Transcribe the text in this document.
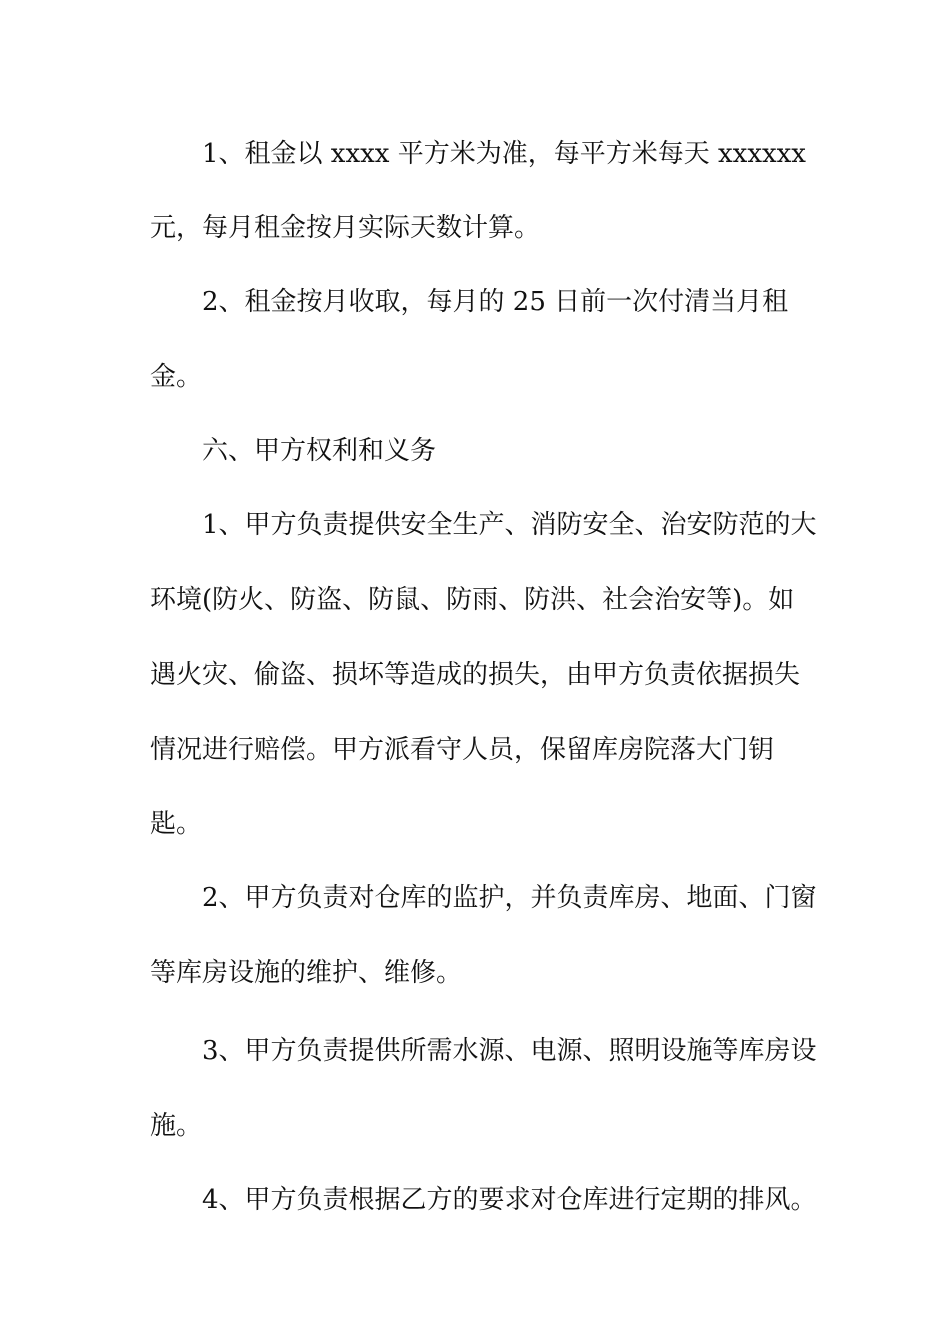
1、租金以 xxxx 平方米为准，每平方米每天 xxxxxx
元，每月租金按月实际天数计算。
2、租金按月收取，每月的 25 日前一次付清当月租
金。
六、甲方权利和义务
1、甲方负责提供安全生产、消防安全、治安防范的大
环境(防火、防盗、防鼠、防雨、防洪、社会治安等)。如
遇火灾、偷盗、损坏等造成的损失，由甲方负责依据损失
情况进行赔偿。甲方派看守人员，保留库房院落大门钥
匙。
2、甲方负责对仓库的监护，并负责库房、地面、门窗
等库房设施的维护、维修。
3、甲方负责提供所需水源、电源、照明设施等库房设
施。
4、甲方负责根据乙方的要求对仓库进行定期的排风。
